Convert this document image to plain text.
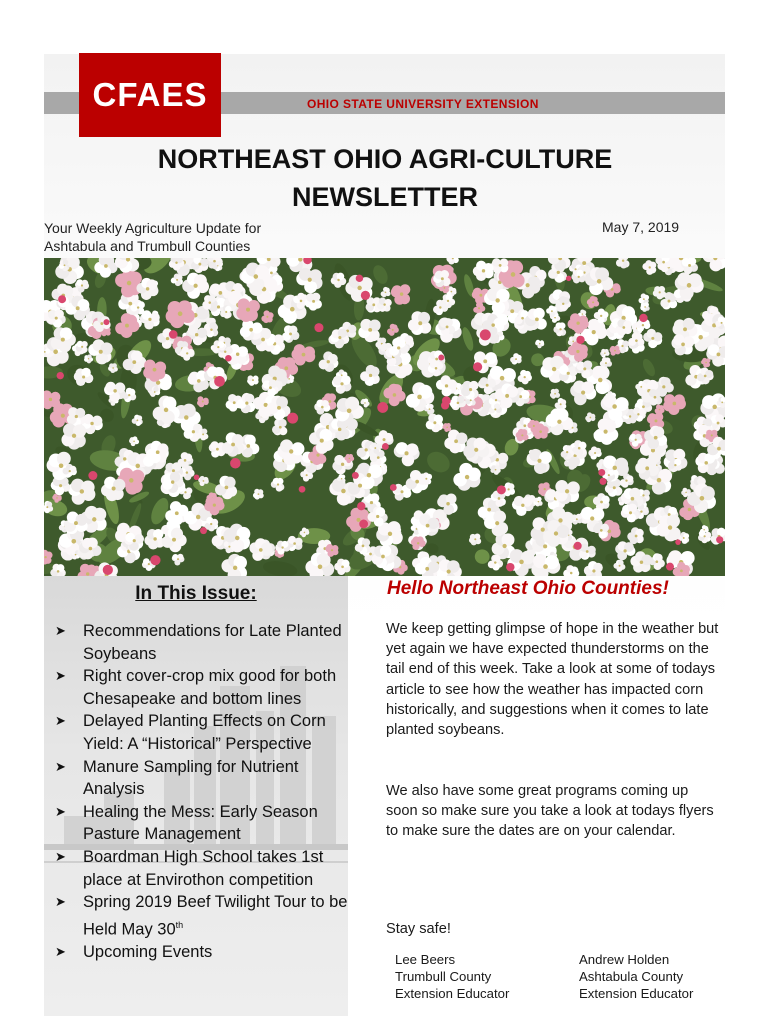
OHIO STATE UNIVERSITY EXTENSION
CFAES
NORTHEAST OHIO AGRI-CULTURE
NEWSLETTER
Your Weekly Agriculture Update for
Ashtabula and Trumbull Counties
May 7, 2019
In This Issue:
➤ Recommendations for Late Planted Soybeans
➤ Right cover-crop mix good for both Chesapeake and bottom lines
➤ Delayed Planting Effects on Corn Yield: A “Historical” Perspective
➤ Manure Sampling for Nutrient Analysis
➤ Healing the Mess: Early Season Pasture Management
➤ Boardman High School takes 1st place at Envirothon competition
➤ Spring 2019 Beef Twilight Tour to be Held May 30th
➤ Upcoming Events
Hello Northeast Ohio Counties!
We keep getting glimpse of hope in the weather but yet again we have expected thunderstorms on the tail end of this week. Take a look at some of todays article to see how the weather has impacted corn historically, and suggestions when it comes to late planted soybeans.
We also have some great programs coming up soon so make sure you take a look at todays flyers to make sure the dates are on your calendar.
Stay safe!
Lee Beers
Trumbull County
Extension Educator
Andrew Holden
Ashtabula County
Extension Educator
